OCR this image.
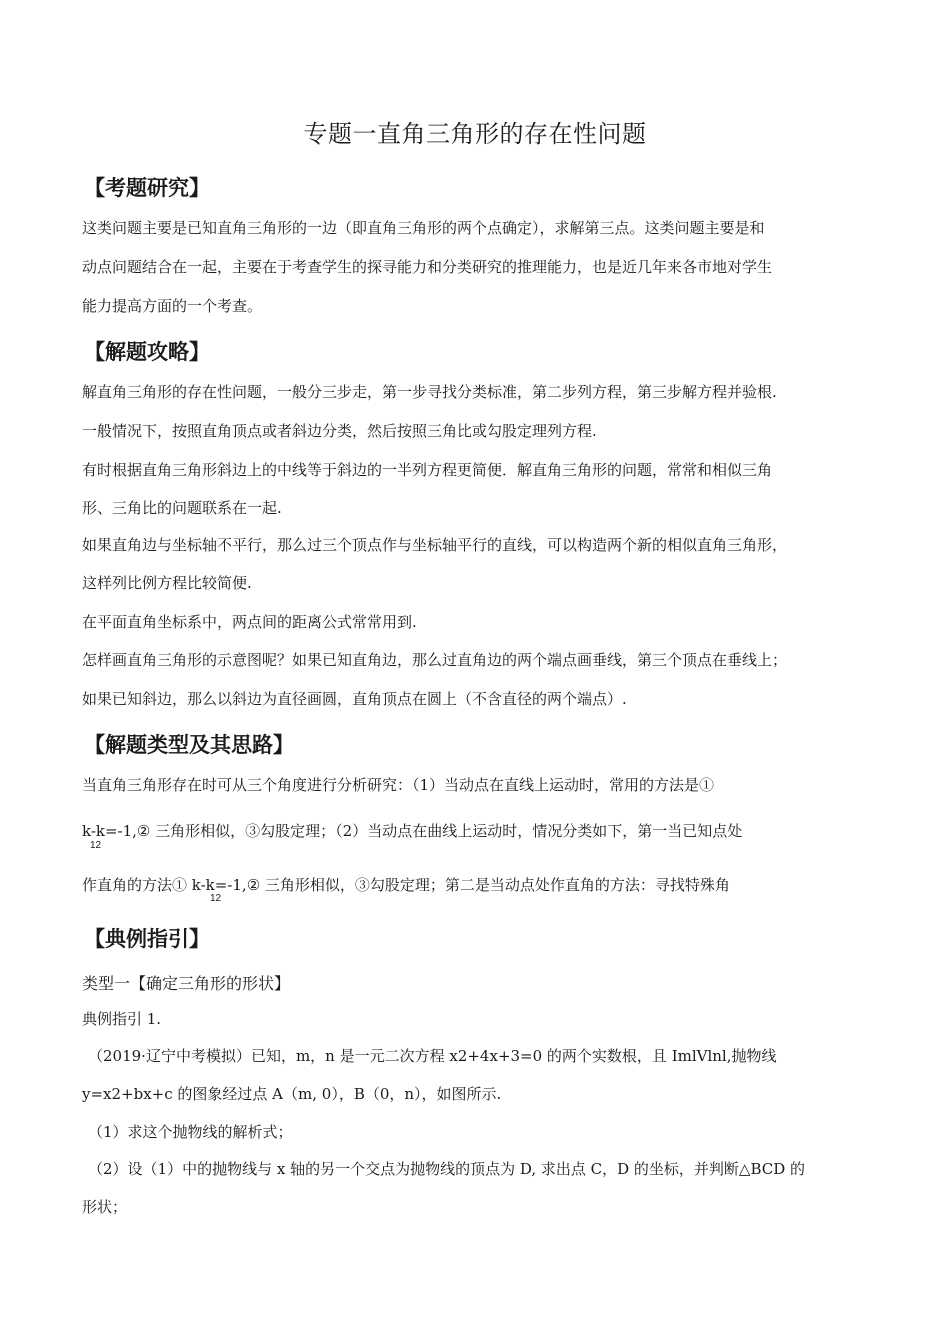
专题一直角三角形的存在性问题
【考题研究】
这类问题主要是已知直角三角形的一边（即直角三角形的两个点确定），求解第三点。这类问题主要是和
动点问题结合在一起，主要在于考查学生的探寻能力和分类研究的推理能力，也是近几年来各市地对学生
能力提高方面的一个考查。
【解题攻略】
解直角三角形的存在性问题，一般分三步走，第一步寻找分类标准，第二步列方程，第三步解方程并验根.
一般情况下，按照直角顶点或者斜边分类，然后按照三角比或勾股定理列方程.
有时根据直角三角形斜边上的中线等于斜边的一半列方程更简便．解直角三角形的问题，常常和相似三角
形、三角比的问题联系在一起.
如果直角边与坐标轴不平行，那么过三个顶点作与坐标轴平行的直线，可以构造两个新的相似直角三角形，
这样列比例方程比较简便.
在平面直角坐标系中，两点间的距离公式常常用到.
怎样画直角三角形的示意图呢？如果已知直角边，那么过直角边的两个端点画垂线，第三个顶点在垂线上；
如果已知斜边，那么以斜边为直径画圆，直角顶点在圆上（不含直径的两个端点）.
【解题类型及其思路】
当直角三角形存在时可从三个角度进行分析研究：（1）当动点在直线上运动时，常用的方法是①
k-k=-1,② 三角形相似，③勾股定理；（2）当动点在曲线上运动时，情况分类如下，第一当已知点处
12
作直角的方法① k-k=-1,② 三角形相似，③勾股定理；第二是当动点处作直角的方法：寻找特殊角
12
【典例指引】
类型一【确定三角形的形状】
典例指引 1.
（2019·辽宁中考模拟）已知，m，n 是一元二次方程 x2+4x+3=0 的两个实数根，且 ImlVlnl,抛物线
y=x2+bx+c 的图象经过点 A（m, 0），B（0，n），如图所示.
（1）求这个抛物线的解析式；
（2）设（1）中的抛物线与 x 轴的另一个交点为抛物线的顶点为 D, 求出点 C，D 的坐标，并判断△BCD 的
形状；
